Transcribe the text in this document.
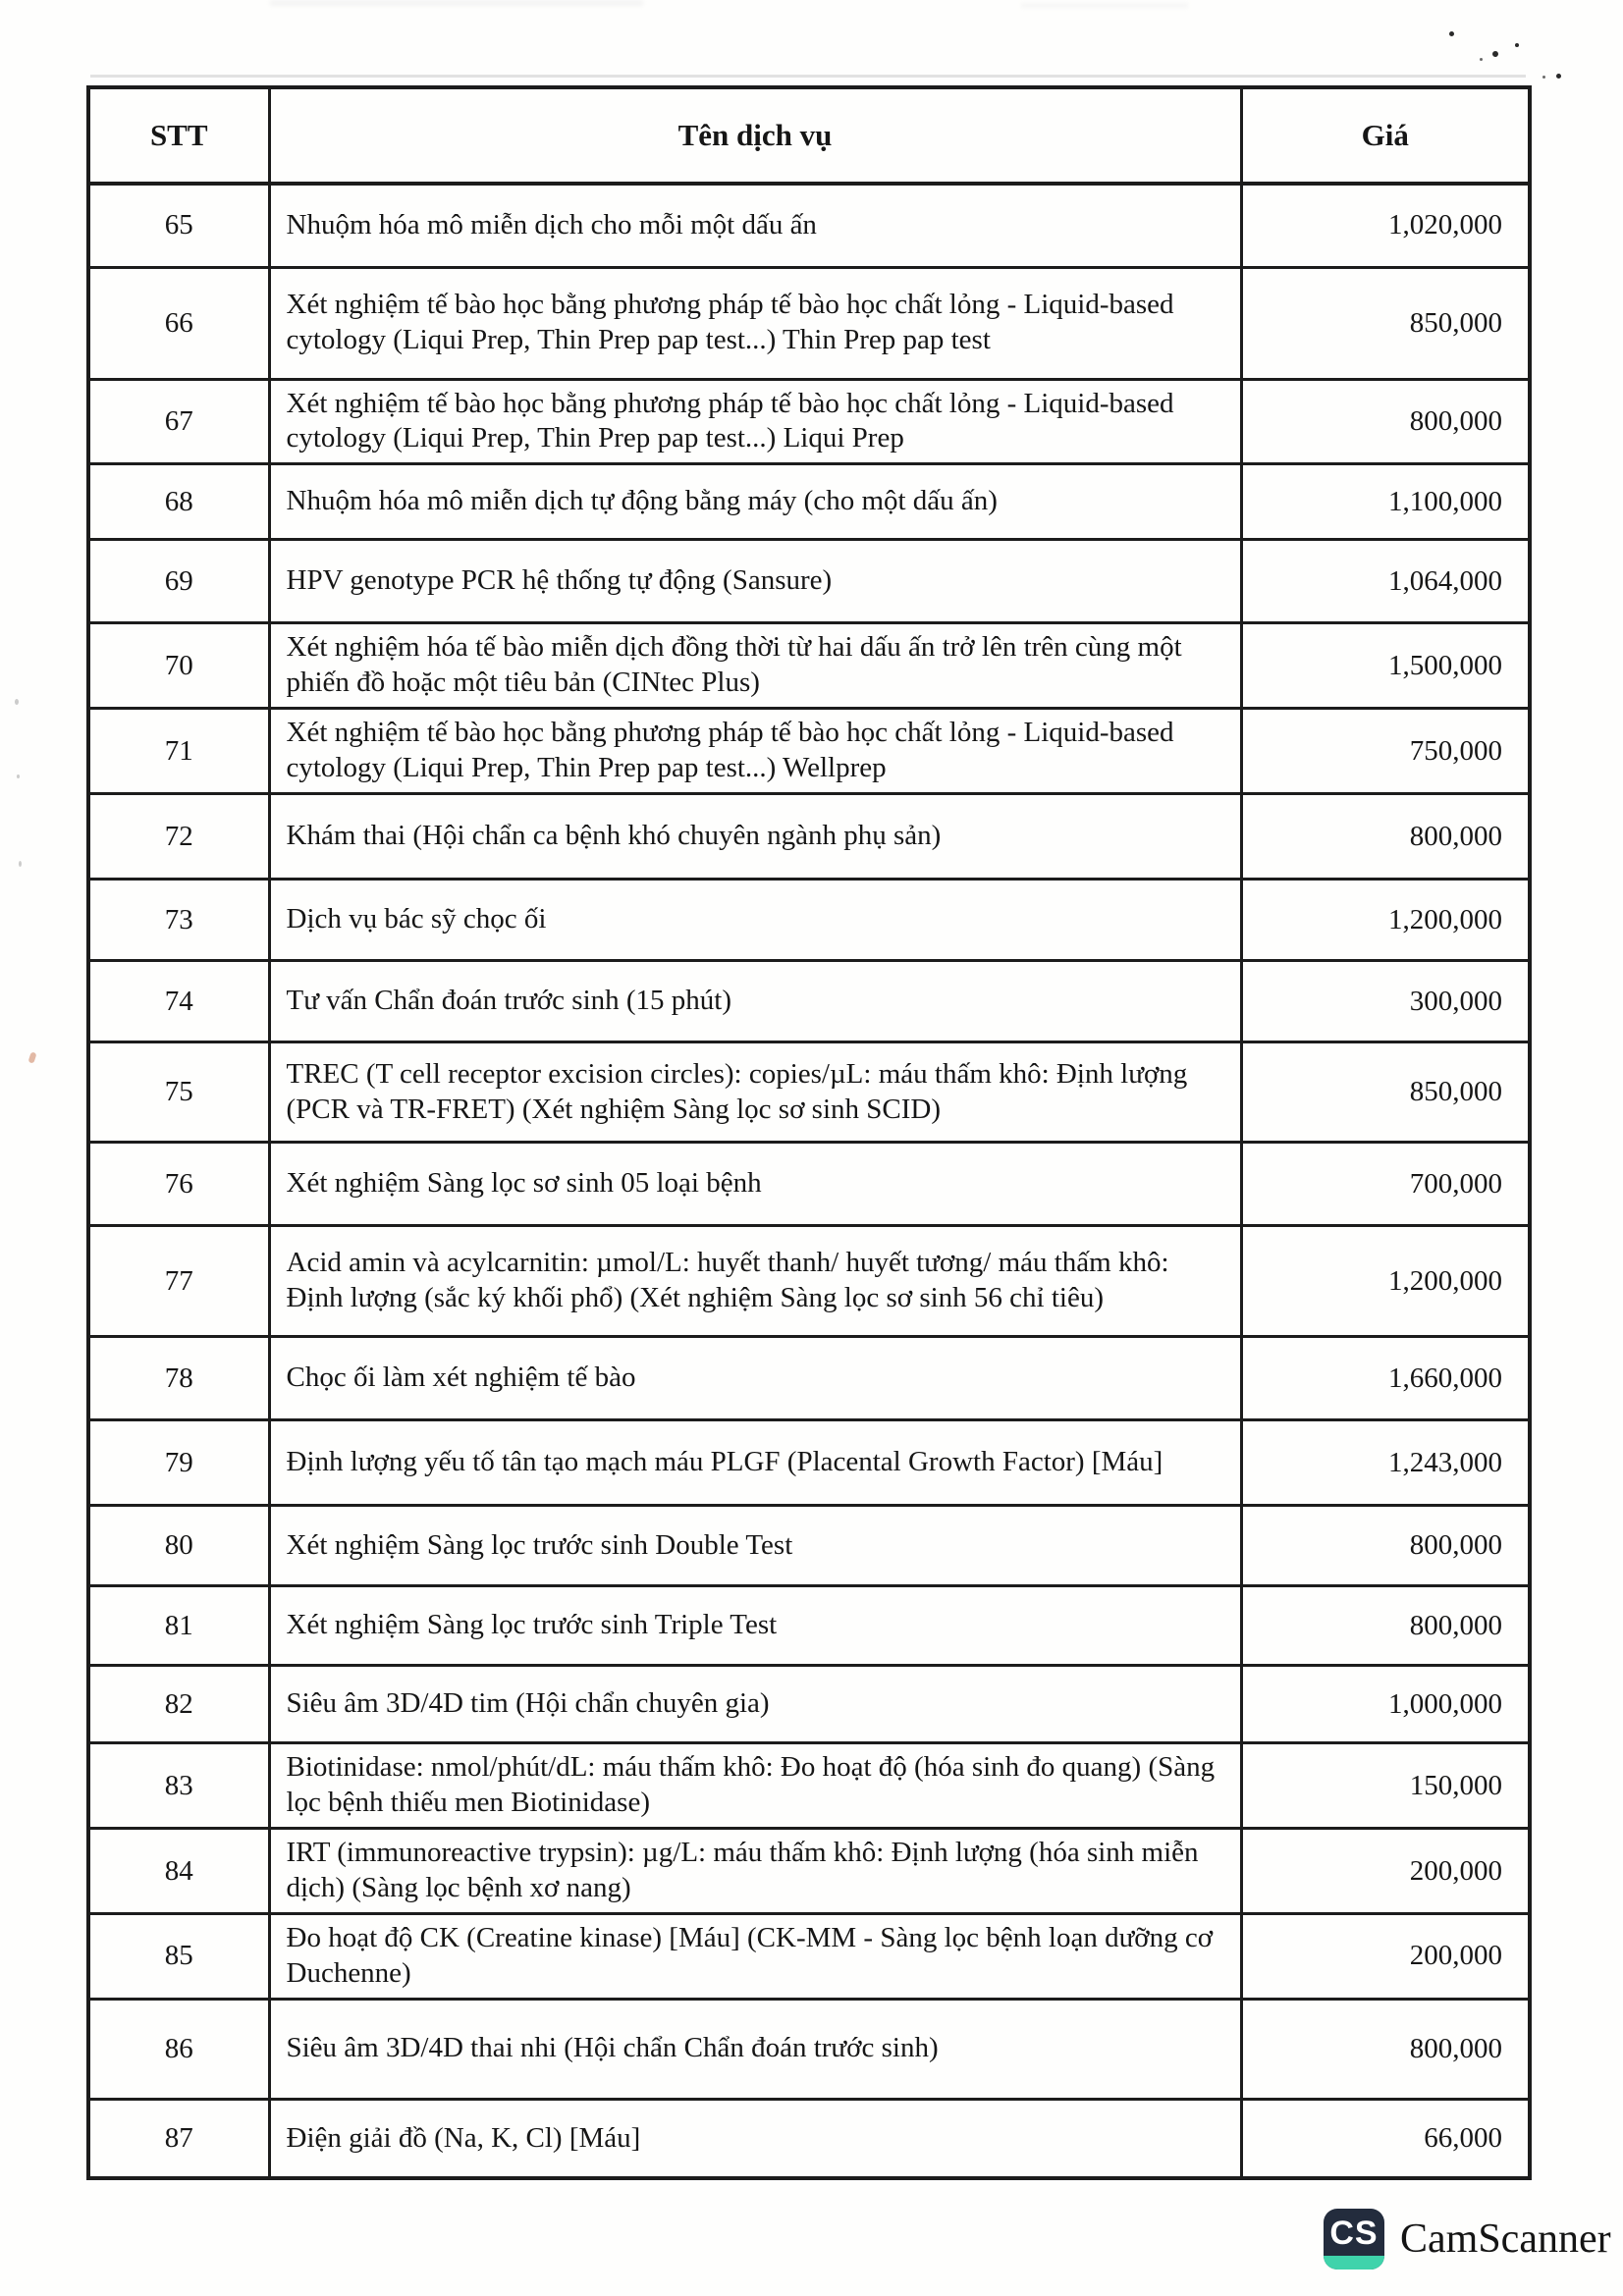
STT	Tên dịch vụ	Giá
65	Nhuộm hóa mô miễn dịch cho mỗi một dấu ấn	1,020,000
66	Xét nghiệm tế bào học bằng phương pháp tế bào học chất lỏng - Liquid-based cytology (Liqui Prep, Thin Prep pap test...) Thin Prep pap test	850,000
67	Xét nghiệm tế bào học bằng phương pháp tế bào học chất lỏng - Liquid-based cytology (Liqui Prep, Thin Prep pap test...) Liqui Prep	800,000
68	Nhuộm hóa mô miễn dịch tự động bằng máy (cho một dấu ấn)	1,100,000
69	HPV genotype PCR hệ thống tự động (Sansure)	1,064,000
70	Xét nghiệm hóa tế bào miễn dịch đồng thời từ hai dấu ấn trở lên trên cùng một phiến đồ hoặc một tiêu bản (CINtec Plus)	1,500,000
71	Xét nghiệm tế bào học bằng phương pháp tế bào học chất lỏng - Liquid-based cytology (Liqui Prep, Thin Prep pap test...) Wellprep	750,000
72	Khám thai (Hội chẩn ca bệnh khó chuyên ngành phụ sản)	800,000
73	Dịch vụ bác sỹ chọc ối	1,200,000
74	Tư vấn Chẩn đoán trước sinh (15 phút)	300,000
75	TREC (T cell receptor excision circles): copies/µL: máu thấm khô: Định lượng (PCR và TR-FRET) (Xét nghiệm Sàng lọc sơ sinh SCID)	850,000
76	Xét nghiệm Sàng lọc sơ sinh 05 loại bệnh	700,000
77	Acid amin và acylcarnitin: µmol/L: huyết thanh/ huyết tương/ máu thấm khô: Định lượng (sắc ký khối phổ) (Xét nghiệm Sàng lọc sơ sinh 56 chỉ tiêu)	1,200,000
78	Chọc ối làm xét nghiệm tế bào	1,660,000
79	Định lượng yếu tố tân tạo mạch máu PLGF (Placental Growth Factor) [Máu]	1,243,000
80	Xét nghiệm Sàng lọc trước sinh Double Test	800,000
81	Xét nghiệm Sàng lọc trước sinh Triple Test	800,000
82	Siêu âm 3D/4D tim (Hội chẩn chuyên gia)	1,000,000
83	Biotinidase: nmol/phút/dL: máu thấm khô: Đo hoạt độ (hóa sinh đo quang) (Sàng lọc bệnh thiếu men Biotinidase)	150,000
84	IRT (immunoreactive trypsin): µg/L: máu thấm khô: Định lượng (hóa sinh miễn dịch) (Sàng lọc bệnh xơ nang)	200,000
85	Đo hoạt độ CK (Creatine kinase) [Máu] (CK-MM - Sàng lọc bệnh loạn dưỡng cơ Duchenne)	200,000
86	Siêu âm 3D/4D thai nhi (Hội chẩn Chẩn đoán trước sinh)	800,000
87	Điện giải đồ (Na, K, Cl) [Máu]	66,000
CS CamScanner
